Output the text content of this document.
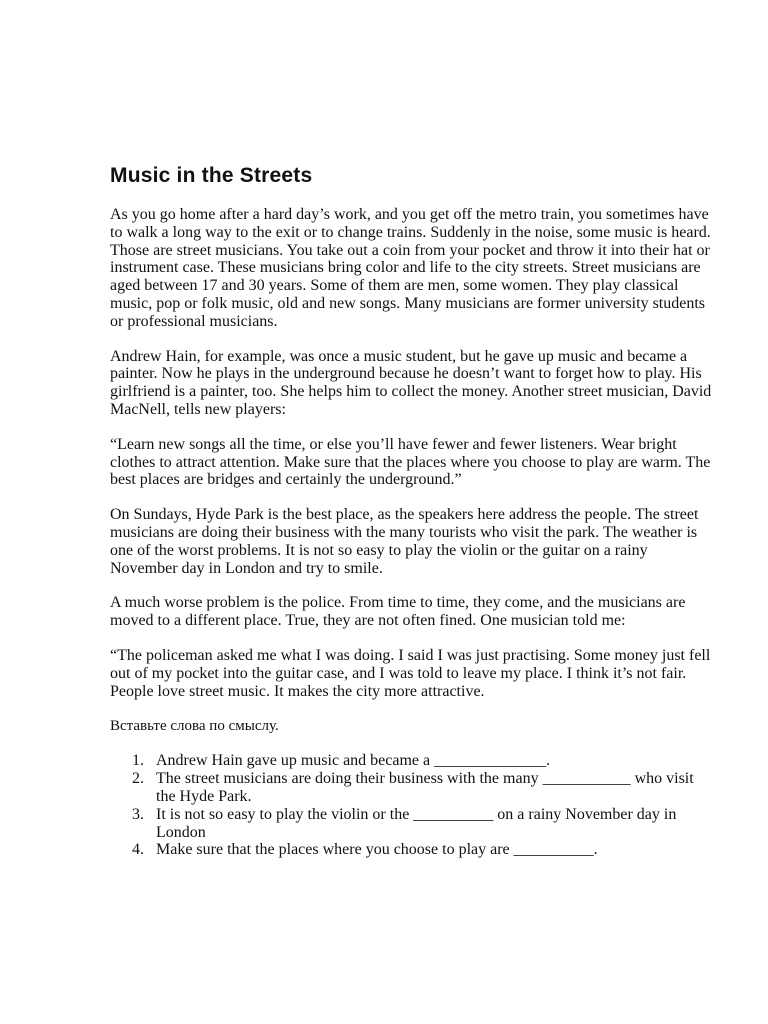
Music in the Streets

As you go home after a hard day’s work, and you get off the metro train, you sometimes have to walk a long way to the exit or to change trains. Suddenly in the noise, some music is heard. Those are street musicians. You take out a coin from your pocket and throw it into their hat or instrument case. These musicians bring color and life to the city streets. Street musicians are aged between 17 and 30 years. Some of them are men, some women. They play classical music, pop or folk music, old and new songs. Many musicians are former university students or professional musicians.

Andrew Hain, for example, was once a music student, but he gave up music and became a painter. Now he plays in the underground because he doesn’t want to forget how to play. His girlfriend is a painter, too. She helps him to collect the money. Another street musician, David MacNell, tells new players:

“Learn new songs all the time, or else you’ll have fewer and fewer listeners. Wear bright clothes to attract attention. Make sure that the places where you choose to play are warm. The best places are bridges and certainly the underground.”

On Sundays, Hyde Park is the best place, as the speakers here address the people. The street musicians are doing their business with the many tourists who visit the park. The weather is one of the worst problems. It is not so easy to play the violin or the guitar on a rainy November day in London and try to smile.

A much worse problem is the police. From time to time, they come, and the musicians are moved to a different place. True, they are not often fined. One musician told me:

“The policeman asked me what I was doing. I said I was just practising. Some money just fell out of my pocket into the guitar case, and I was told to leave my place. I think it’s not fair. People love street music. It makes the city more attractive.

Вставьте слова по смыслу.

1. Andrew Hain gave up music and became a ______________.
2. The street musicians are doing their business with the many ___________ who visit the Hyde Park.
3. It is not so easy to play the violin or the __________ on a rainy November day in London
4. Make sure that the places where you choose to play are __________.
